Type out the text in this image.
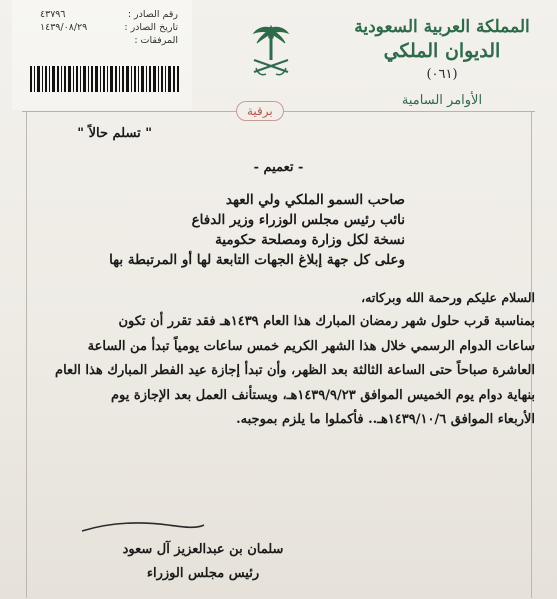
رقم الصادر :
٤٣٧٩٦
تاريخ الصادر :
١٤٣٩/٠٨/٢٩
المرفقات :
المملكة العربية السعودية
الديوان الملكي
(٠٦١)
الأوامر السامية
برقية
" تسلم حالاً "
- تعميم -
صاحب السمو الملكي ولي العهد
نائب رئيس مجلس الوزراء وزير الدفاع
نسخة لكل وزارة ومصلحة حكومية
وعلى كل جهة إبلاغ الجهات التابعة لها أو المرتبطة بها
السلام عليكم ورحمة الله وبركاته،
بمناسبة قرب حلول شهر رمضان المبارك هذا العام ١٤٣٩هـ فقد تقرر أن تكون
ساعات الدوام الرسمي خلال هذا الشهر الكريم خمس ساعات يومياً تبدأ من الساعة
العاشرة صباحاً حتى الساعة الثالثة بعد الظهر، وأن تبدأ إجازة عيد الفطر المبارك هذا العام
بنهاية دوام يوم الخميس الموافق ١٤٣٩/٩/٢٣هـ، ويستأنف العمل بعد الإجازة يوم
الأربعاء الموافق ١٤٣٩/١٠/٦هـ.. فأكملوا ما يلزم بموجبه.
سلمان بن عبدالعزيز آل سعود
رئيس مجلس الوزراء
